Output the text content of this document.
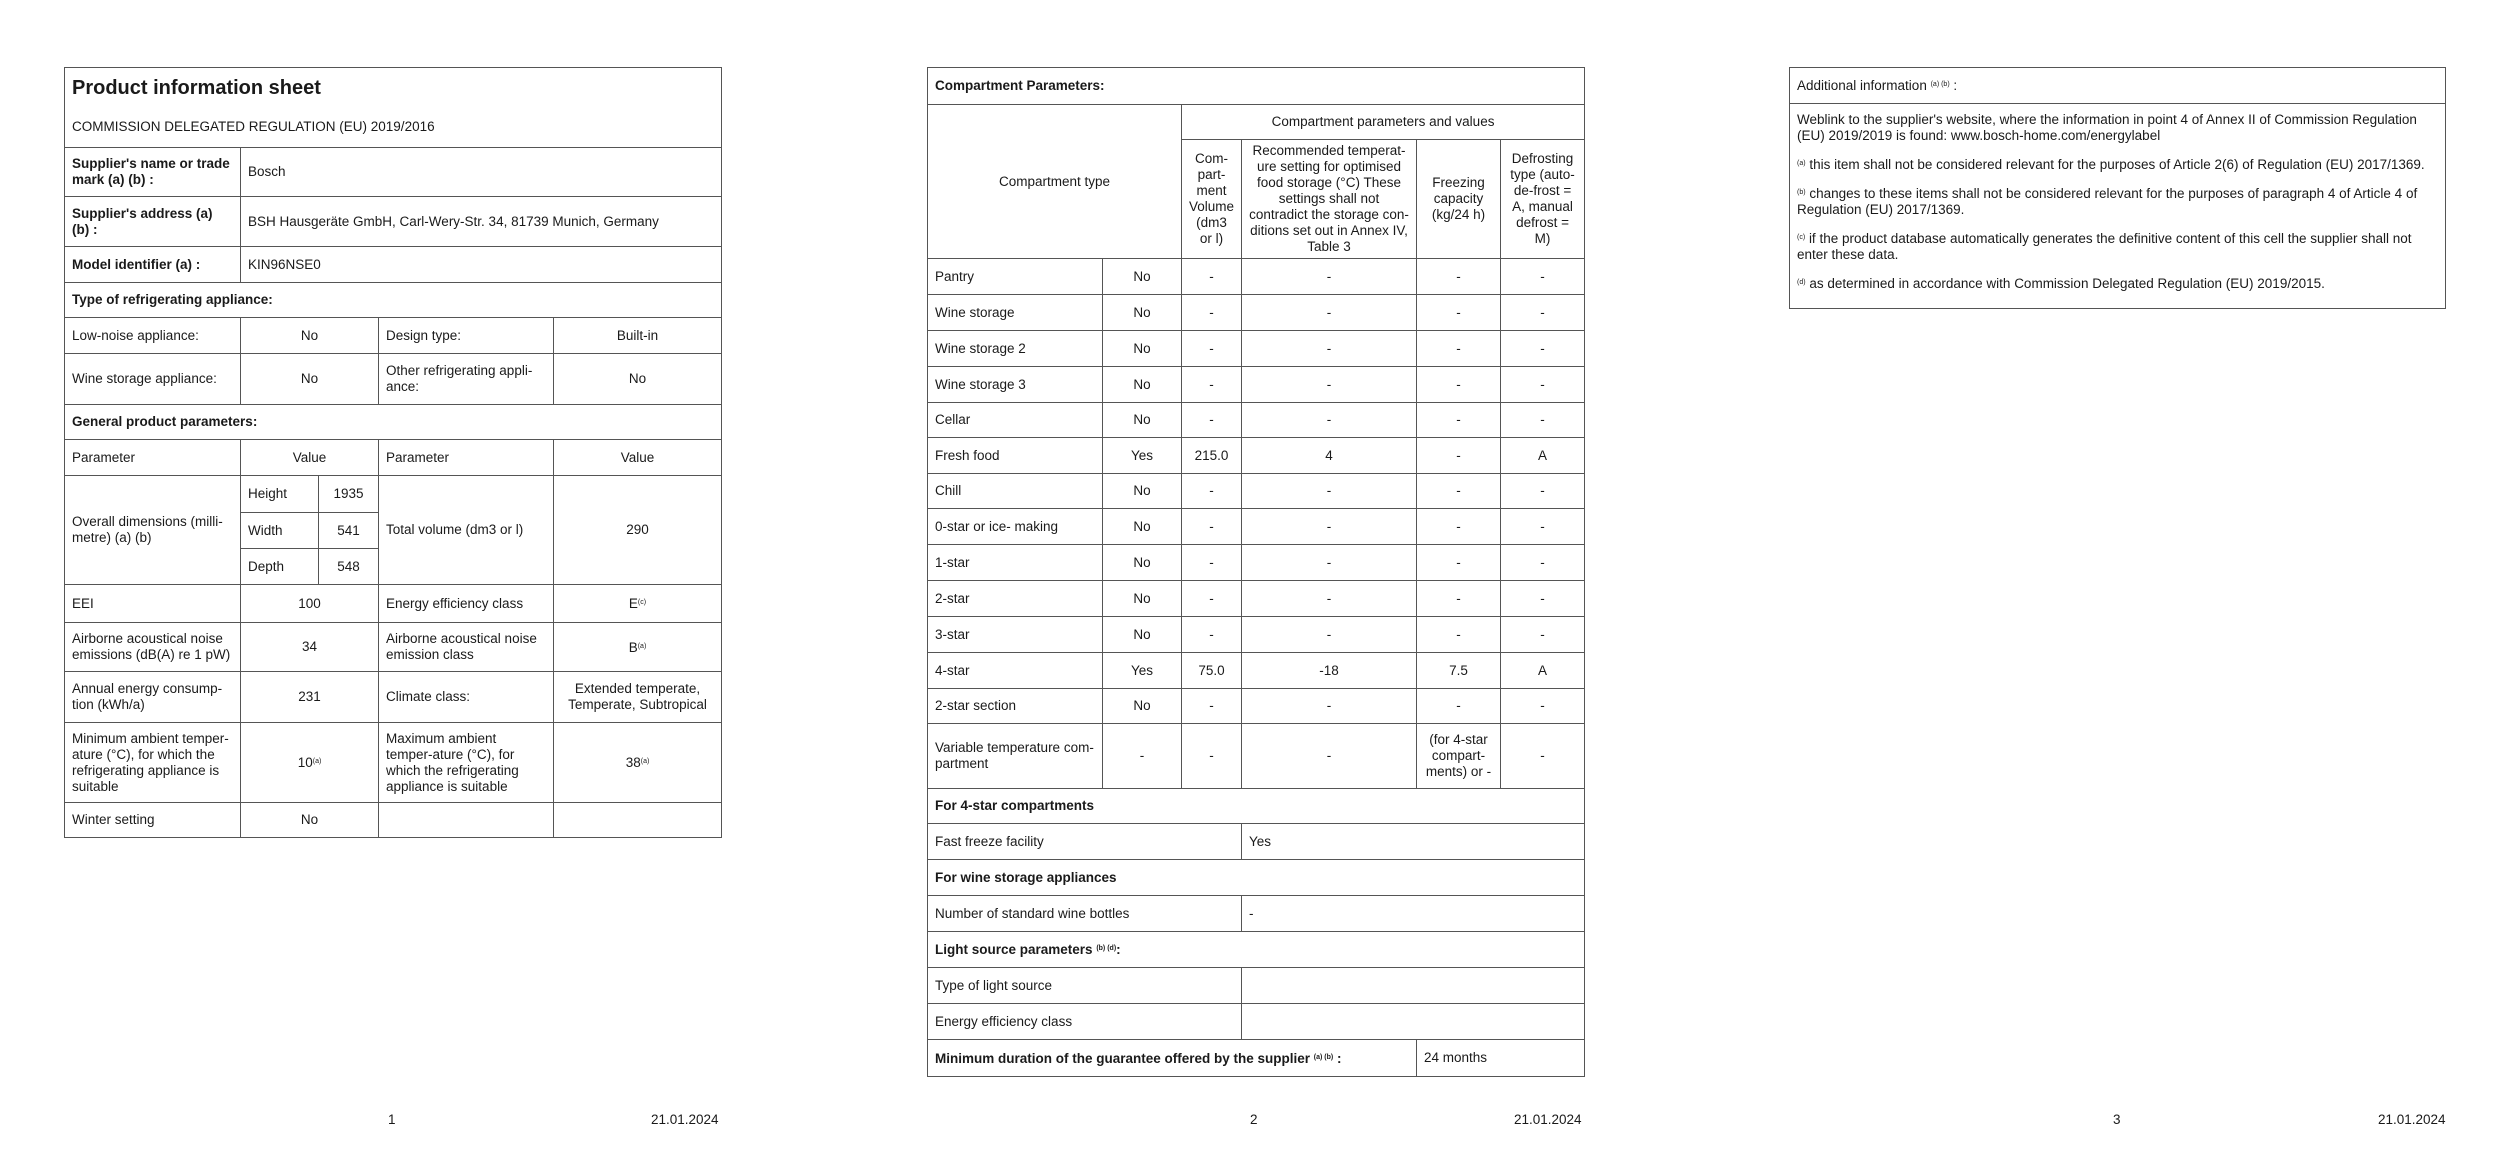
Product information sheet				
COMMISSION DELEGATED REGULATION (EU) 2019/2016				
Supplier's name or trade mark (a) (b) :	Bosch			
Supplier's address (a) (b) :	BSH Hausgeräte GmbH, Carl-Wery-Str. 34, 81739 Munich, Germany			
Model identifier (a) :	KIN96NSE0			
Type of refrigerating appliance:				
Low-noise appliance:	No		Design type:	Built-in
Wine storage appliance:	No		Other refrigerating appli-ance:	No
General product parameters:				
Parameter	Value		Parameter	Value
Overall dimensions (milli-metre) (a) (b)	Height	1935	Total volume (dm3 or l)	290
	Width	541		
	Depth	548		
EEI	100		Energy efficiency class	$E^{(c)}$
Airborne acoustical noise emissions (dB(A) re 1 pW)	34		Airborne acoustical noise emission class	$B^{(a)}$
Annual energy consump-tion (kWh/a)	231		Climate class:	Extended temperate, Temperate, Subtropical
Minimum ambient temper-ature (°C), for which the refrigerating appliance is suitable	10$^{(a)}$		Maximum ambient temper-ature (°C), for which the refrigerating appliance is suitable	38$^{(a)}$
Winter setting	No			
1	21.01.2024
Compartment Parameters:					
Compartment type		Compartment parameters and values			
		Com-part-ment Volume (dm3 or l)	Recommended temperat-ure setting for optimised food storage (°C) These settings shall not contradict the storage con-ditions set out in Annex IV, Table 3	Freezing capacity (kg/24 h)	Defrosting type (auto-de-frost = A, manual defrost = M)
Pantry	No	-	-	-	-
Wine storage	No	-	-	-	-
Wine storage 2	No	-	-	-	-
Wine storage 3	No	-	-	-	-
Cellar	No	-	-	-	-
Fresh food	Yes	215.0	4	-	A
Chill	No	-	-	-	-
0-star or ice- making	No	-	-	-	-
1-star	No	-	-	-	-
2-star	No	-	-	-	-
3-star	No	-	-	-	-
4-star	Yes	75.0	-18	7.5	A
2-star section	No	-	-	-	-
Variable temperature com-partment	-	-	-	(for 4-star compart-ments) or -	-
For 4-star compartments					
Fast freeze facility			Yes		
For wine storage appliances					
Number of standard wine bottles			-		
Light source parameters $^{(b) (d)}$:					
Type of light source					
Energy efficiency class					
Minimum duration of the guarantee offered by the supplier $^{(a) (b)}$ :				24 months	
2	21.01.2024
Additional information $^{(a) (b)}$ :

Weblink to the supplier's website, where the information in point 4 of Annex II of Commission Regulation (EU) 2019/2019 is found: www.bosch-home.com/energylabel

$^{(a)}$ this item shall not be considered relevant for the purposes of Article 2(6) of Regulation (EU) 2017/1369.

$^{(b)}$ changes to these items shall not be considered relevant for the purposes of paragraph 4 of Article 4 of Regulation (EU) 2017/1369.

$^{(c)}$ if the product database automatically generates the definitive content of this cell the supplier shall not enter these data.

$^{(d)}$ as determined in accordance with Commission Delegated Regulation (EU) 2019/2015.

3	21.01.2024
